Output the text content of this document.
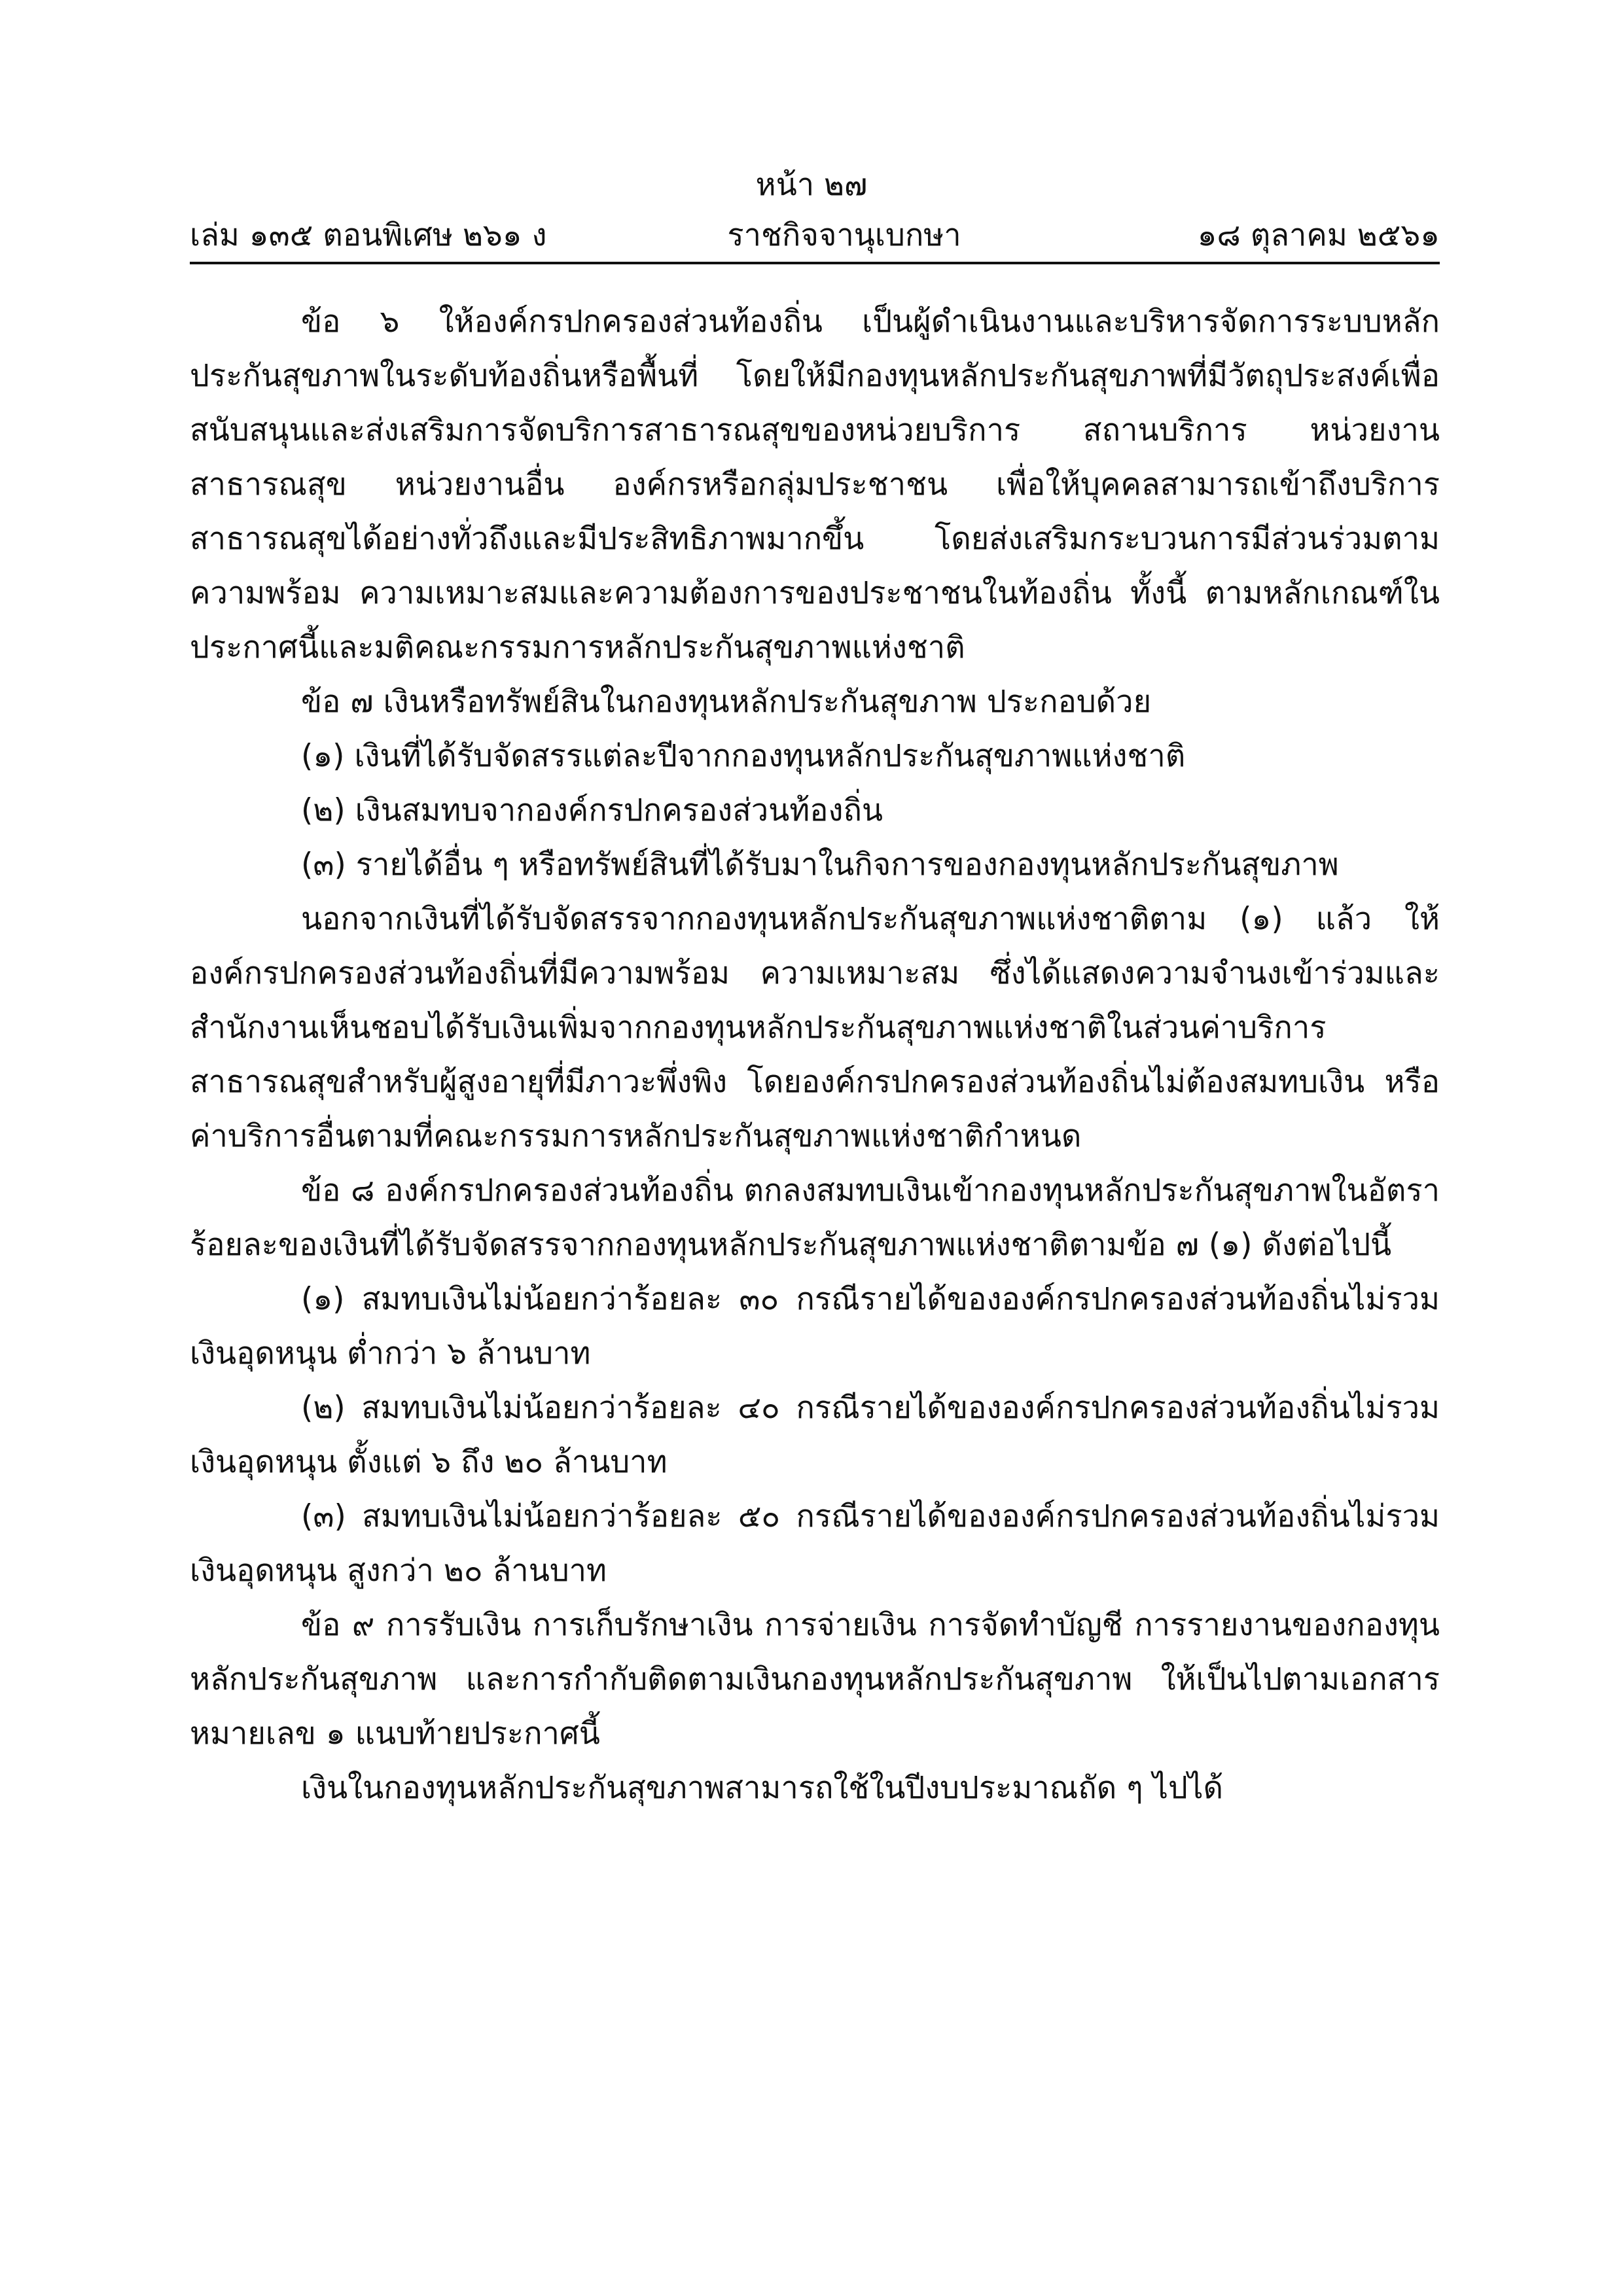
หน้า ๒๗
เล่ม ๑๓๕ ตอนพิเศษ ๒๖๑ ง	ราชกิจจานุเบกษา	๑๘ ตุลาคม ๒๕๖๑

ข้อ ๖ ให้องค์กรปกครองส่วนท้องถิ่น เป็นผู้ดำเนินงานและบริหารจัดการระบบหลักประกันสุขภาพในระดับท้องถิ่นหรือพื้นที่ โดยให้มีกองทุนหลักประกันสุขภาพที่มีวัตถุประสงค์เพื่อสนับสนุนและส่งเสริมการจัดบริการสาธารณสุขของหน่วยบริการ สถานบริการ หน่วยงานสาธารณสุข หน่วยงานอื่น องค์กรหรือกลุ่มประชาชน เพื่อให้บุคคลสามารถเข้าถึงบริการสาธารณสุขได้อย่างทั่วถึงและมีประสิทธิภาพมากขึ้น โดยส่งเสริมกระบวนการมีส่วนร่วมตามความพร้อม ความเหมาะสมและความต้องการของประชาชนในท้องถิ่น ทั้งนี้ ตามหลักเกณฑ์ในประกาศนี้และมติคณะกรรมการหลักประกันสุขภาพแห่งชาติ

ข้อ ๗ เงินหรือทรัพย์สินในกองทุนหลักประกันสุขภาพ ประกอบด้วย

(๑) เงินที่ได้รับจัดสรรแต่ละปีจากกองทุนหลักประกันสุขภาพแห่งชาติ

(๒) เงินสมทบจากองค์กรปกครองส่วนท้องถิ่น

(๓) รายได้อื่น ๆ หรือทรัพย์สินที่ได้รับมาในกิจการของกองทุนหลักประกันสุขภาพ

นอกจากเงินที่ได้รับจัดสรรจากกองทุนหลักประกันสุขภาพแห่งชาติตาม (๑) แล้ว ให้องค์กรปกครองส่วนท้องถิ่นที่มีความพร้อม ความเหมาะสม ซึ่งได้แสดงความจำนงเข้าร่วมและสำนักงานเห็นชอบได้รับเงินเพิ่มจากกองทุนหลักประกันสุขภาพแห่งชาติในส่วนค่าบริการสาธารณสุขสำหรับผู้สูงอายุที่มีภาวะพึ่งพิง โดยองค์กรปกครองส่วนท้องถิ่นไม่ต้องสมทบเงิน หรือค่าบริการอื่นตามที่คณะกรรมการหลักประกันสุขภาพแห่งชาติกำหนด

ข้อ ๘ องค์กรปกครองส่วนท้องถิ่น ตกลงสมทบเงินเข้ากองทุนหลักประกันสุขภาพในอัตราร้อยละของเงินที่ได้รับจัดสรรจากกองทุนหลักประกันสุขภาพแห่งชาติตามข้อ ๗ (๑) ดังต่อไปนี้

(๑) สมทบเงินไม่น้อยกว่าร้อยละ ๓๐ กรณีรายได้ขององค์กรปกครองส่วนท้องถิ่นไม่รวมเงินอุดหนุน ต่ำกว่า ๖ ล้านบาท

(๒) สมทบเงินไม่น้อยกว่าร้อยละ ๔๐ กรณีรายได้ขององค์กรปกครองส่วนท้องถิ่นไม่รวมเงินอุดหนุน ตั้งแต่ ๖ ถึง ๒๐ ล้านบาท

(๓) สมทบเงินไม่น้อยกว่าร้อยละ ๕๐ กรณีรายได้ขององค์กรปกครองส่วนท้องถิ่นไม่รวมเงินอุดหนุน สูงกว่า ๒๐ ล้านบาท

ข้อ ๙ การรับเงิน การเก็บรักษาเงิน การจ่ายเงิน การจัดทำบัญชี การรายงานของกองทุนหลักประกันสุขภาพ และการกำกับติดตามเงินกองทุนหลักประกันสุขภาพ ให้เป็นไปตามเอกสารหมายเลข ๑ แนบท้ายประกาศนี้

เงินในกองทุนหลักประกันสุขภาพสามารถใช้ในปีงบประมาณถัด ๆ ไปได้
